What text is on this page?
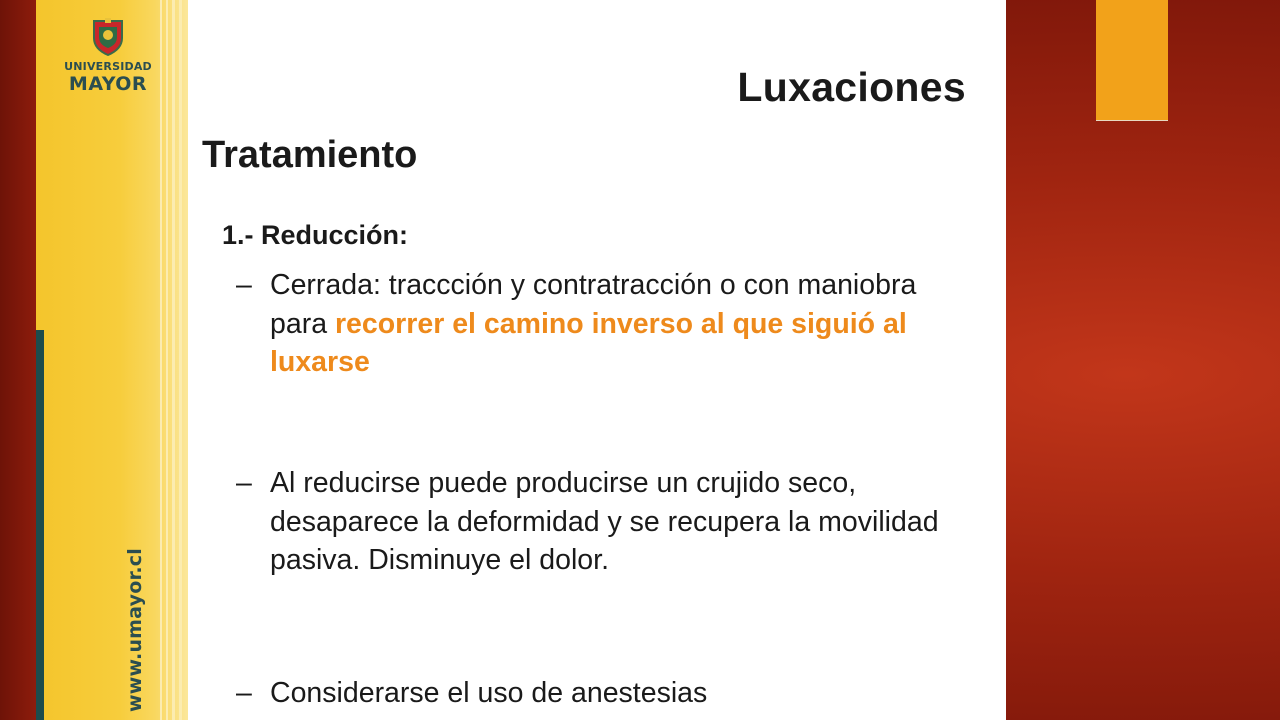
UNIVERSIDAD
MAYOR
www.umayor.cl
Luxaciones
Tratamiento
1.- Reducción:
– Cerrada: traccción y contratracción o con maniobra para recorrer el camino inverso al que siguió al luxarse
– Al reducirse puede producirse un crujido seco, desaparece la deformidad y se recupera la movilidad pasiva. Disminuye el dolor.
– Considerarse el uso de anestesias
